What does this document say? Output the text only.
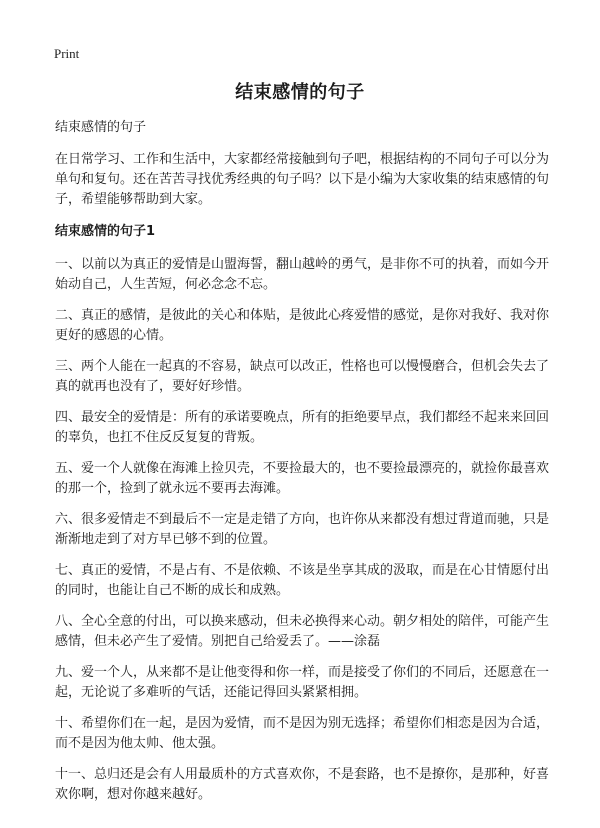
Print
结束感情的句子

结束感情的句子

在日常学习、工作和生活中，大家都经常接触到句子吧，根据结构的不同句子可以分为单句和复句。还在苦苦寻找优秀经典的句子吗？以下是小编为大家收集的结束感情的句子，希望能够帮助到大家。

结束感情的句子1

一、以前以为真正的爱情是山盟海誓，翻山越岭的勇气，是非你不可的执着，而如今开始动自己，人生苦短，何必念念不忘。

二、真正的感情，是彼此的关心和体贴，是彼此心疼爱惜的感觉，是你对我好、我对你更好的感恩的心情。

三、两个人能在一起真的不容易，缺点可以改正，性格也可以慢慢磨合，但机会失去了真的就再也没有了，要好好珍惜。

四、最安全的爱情是：所有的承诺要晚点，所有的拒绝要早点，我们都经不起来来回回的辜负，也扛不住反反复复的背叛。

五、爱一个人就像在海滩上捡贝壳，不要捡最大的，也不要捡最漂亮的，就捡你最喜欢的那一个，捡到了就永远不要再去海滩。

六、很多爱情走不到最后不一定是走错了方向，也许你从来都没有想过背道而驰，只是渐渐地走到了对方早已够不到的位置。

七、真正的爱情，不是占有、不是依赖、不该是坐享其成的汲取，而是在心甘情愿付出的同时，也能让自己不断的成长和成熟。

八、全心全意的付出，可以换来感动，但未必换得来心动。朝夕相处的陪伴，可能产生感情，但未必产生了爱情。别把自己给爱丢了。——涂磊

九、爱一个人，从来都不是让他变得和你一样，而是接受了你们的不同后，还愿意在一起，无论说了多难听的气话，还能记得回头紧紧相拥。

十、希望你们在一起，是因为爱情，而不是因为别无选择；希望你们相恋是因为合适，而不是因为他太帅、他太强。

十一、总归还是会有人用最质朴的方式喜欢你，不是套路，也不是撩你，是那种，好喜欢你啊，想对你越来越好。
